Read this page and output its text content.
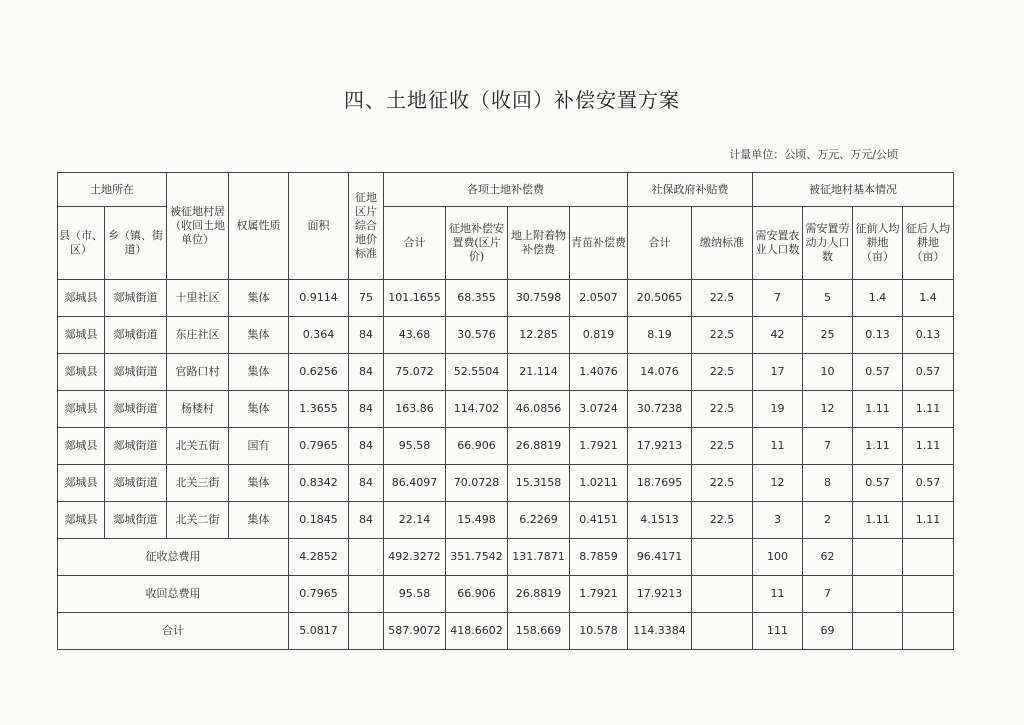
四、土地征收（收回）补偿安置方案
计量单位：公顷、万元、万元/公顷
土地所在		被征地村居（收回土地单位）	权属性质	面积	征地区片综合地价标准	各项土地补偿费				社保政府补贴费		被征地村基本情况			
县（市、区）	乡（镇、街道）					合计	征地补偿安置费(区片价)	地上附着物补偿费	青苗补偿费	合计	缴纳标准	需安置农业人口数	需安置劳动力人口数	征前人均耕地（亩）	征后人均耕地（亩）
郯城县	郯城街道	十里社区	集体	0.9114	75	101.1655	68.355	30.7598	2.0507	20.5065	22.5	7	5	1.4	1.4
郯城县	郯城街道	东庄社区	集体	0.364	84	43.68	30.576	12.285	0.819	8.19	22.5	42	25	0.13	0.13
郯城县	郯城街道	官路口村	集体	0.6256	84	75.072	52.5504	21.114	1.4076	14.076	22.5	17	10	0.57	0.57
郯城县	郯城街道	杨楼村	集体	1.3655	84	163.86	114.702	46.0856	3.0724	30.7238	22.5	19	12	1.11	1.11
郯城县	郯城街道	北关五街	国有	0.7965	84	95.58	66.906	26.8819	1.7921	17.9213	22.5	11	7	1.11	1.11
郯城县	郯城街道	北关三街	集体	0.8342	84	86.4097	70.0728	15.3158	1.0211	18.7695	22.5	12	8	0.57	0.57
郯城县	郯城街道	北关二街	集体	0.1845	84	22.14	15.498	6.2269	0.4151	4.1513	22.5	3	2	1.11	1.11
征收总费用				4.2852		492.3272	351.7542	131.7871	8.7859	96.4171		100	62		
收回总费用				0.7965		95.58	66.906	26.8819	1.7921	17.9213		11	7		
合计				5.0817		587.9072	418.6602	158.669	10.578	114.3384		111	69		
